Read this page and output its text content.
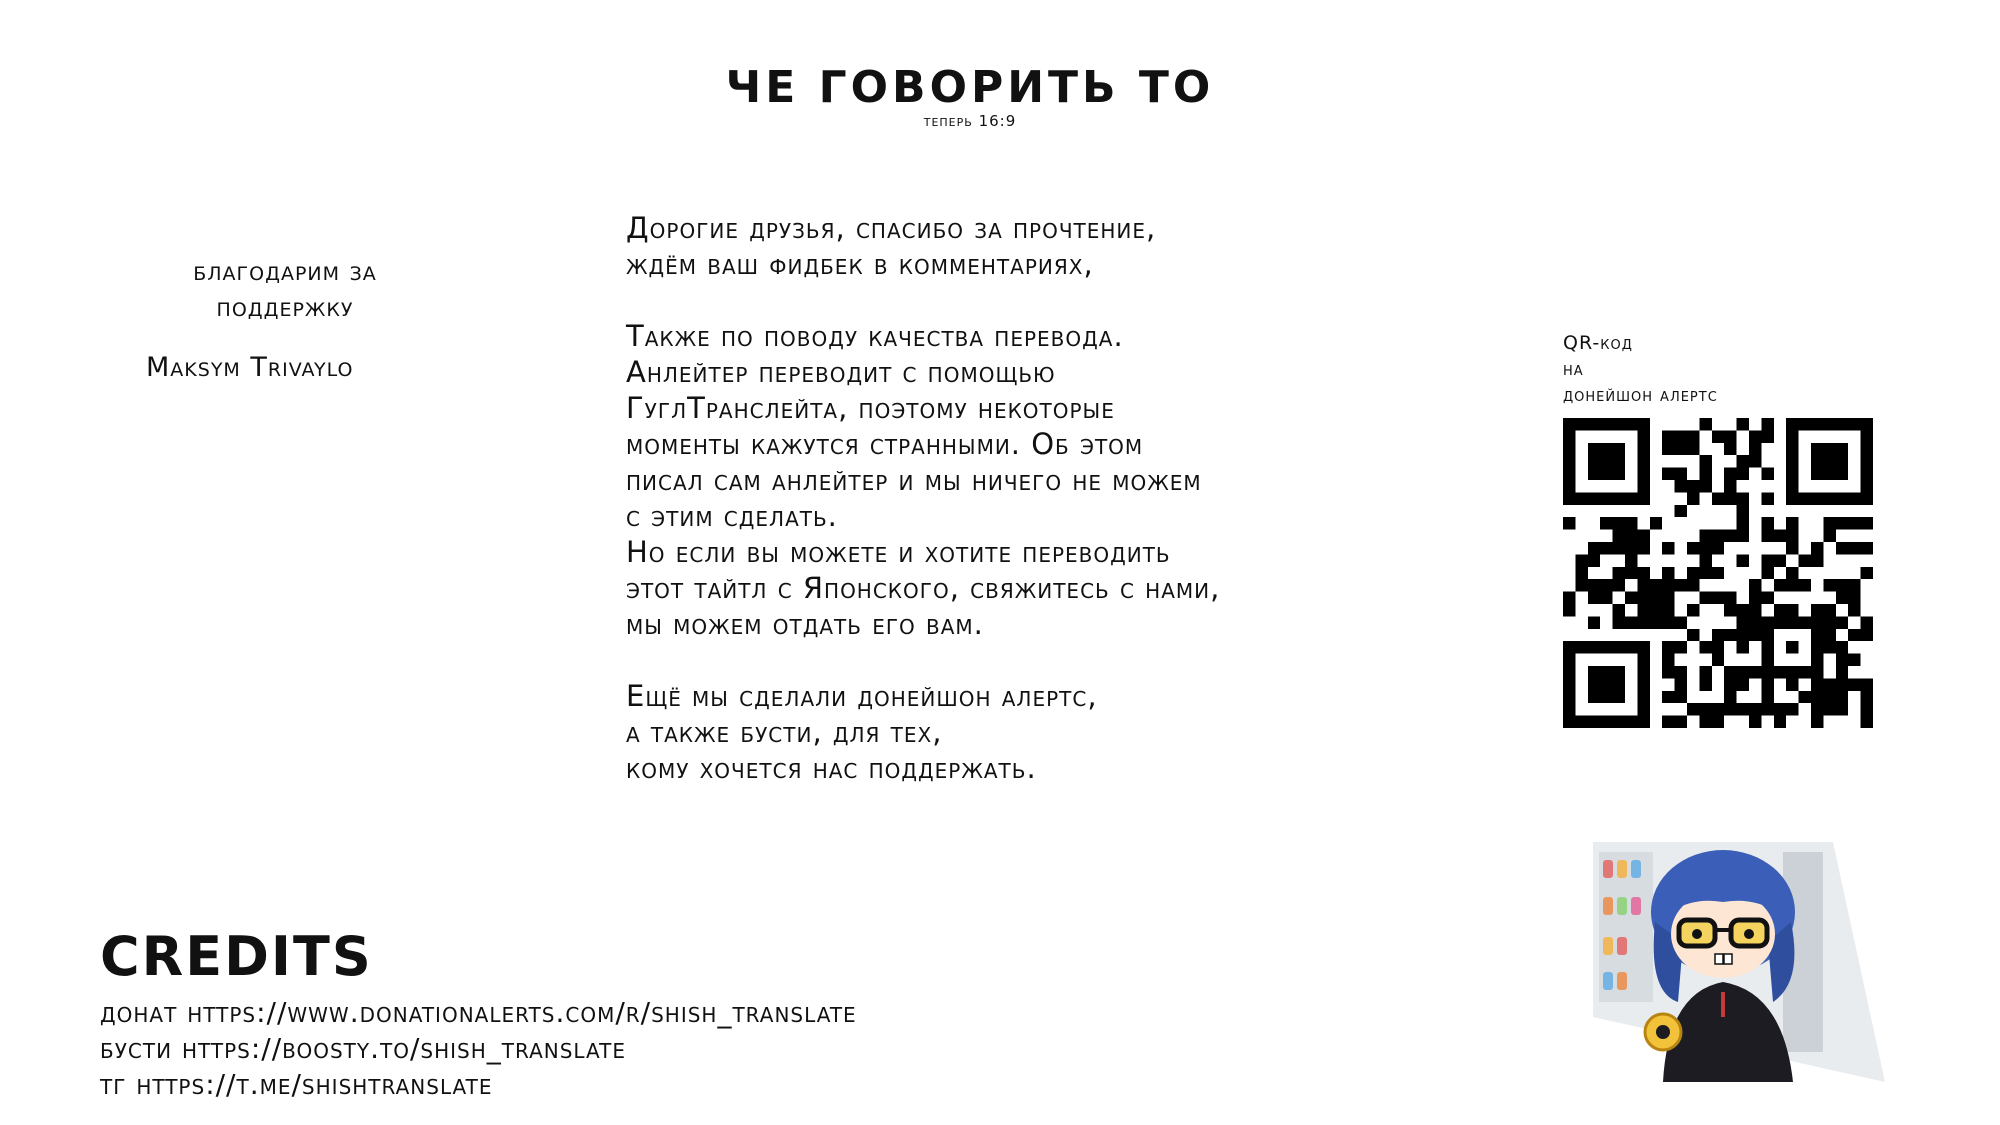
ЧЕ ГОВОРИТЬ ТО
теперь 16:9
благодарим за
поддержку
Maksym Trivaylo

Дорогие друзья, спасибо за прочтение,
ждём ваш фидбек в комментариях,

Также по поводу качества перевода.
Анлейтер переводит с помощью
ГуглТранслейта, поэтому некоторые
моменты кажутся странными. Об этом
писал сам анлейтер и мы ничего не можем
с этим сделать.
Но если вы можете и хотите переводить
этот тайтл с Японского, свяжитесь с нами,
мы можем отдать его вам.

Ещё мы сделали донейшон алертс,
а также бусти, для тех,
кому хочется нас поддержать.

QR-код
на
донейшон алертс
CREDITS
донат https://www.donationalerts.com/r/shish_translate
бусти https://boosty.to/shish_translate
тг https://t.me/shishtranslate
